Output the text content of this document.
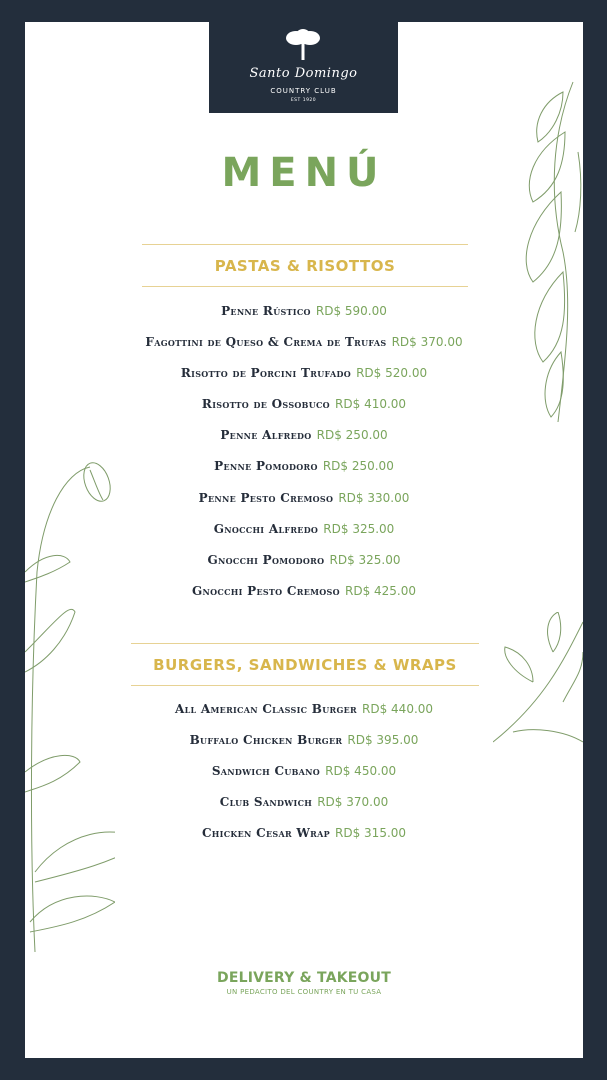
Santo Domingo
COUNTRY CLUB
EST 1920
MENÚ
PASTAS & RISOTTOS
Penne Rústico RD$ 590.00
Fagottini de Queso & Crema de Trufas RD$ 370.00
Risotto de Porcini Trufado RD$ 520.00
Risotto de Ossobuco RD$ 410.00
Penne Alfredo RD$ 250.00
Penne Pomodoro RD$ 250.00
Penne Pesto Cremoso RD$ 330.00
Gnocchi Alfredo RD$ 325.00
Gnocchi Pomodoro RD$ 325.00
Gnocchi Pesto Cremoso RD$ 425.00
BURGERS, SANDWICHES & WRAPS
All American Classic Burger RD$ 440.00
Buffalo Chicken Burger RD$ 395.00
Sandwich Cubano RD$ 450.00
Club Sandwich RD$ 370.00
Chicken Cesar Wrap RD$ 315.00
DELIVERY & TAKEOUT
UN PEDACITO DEL COUNTRY EN TU CASA
